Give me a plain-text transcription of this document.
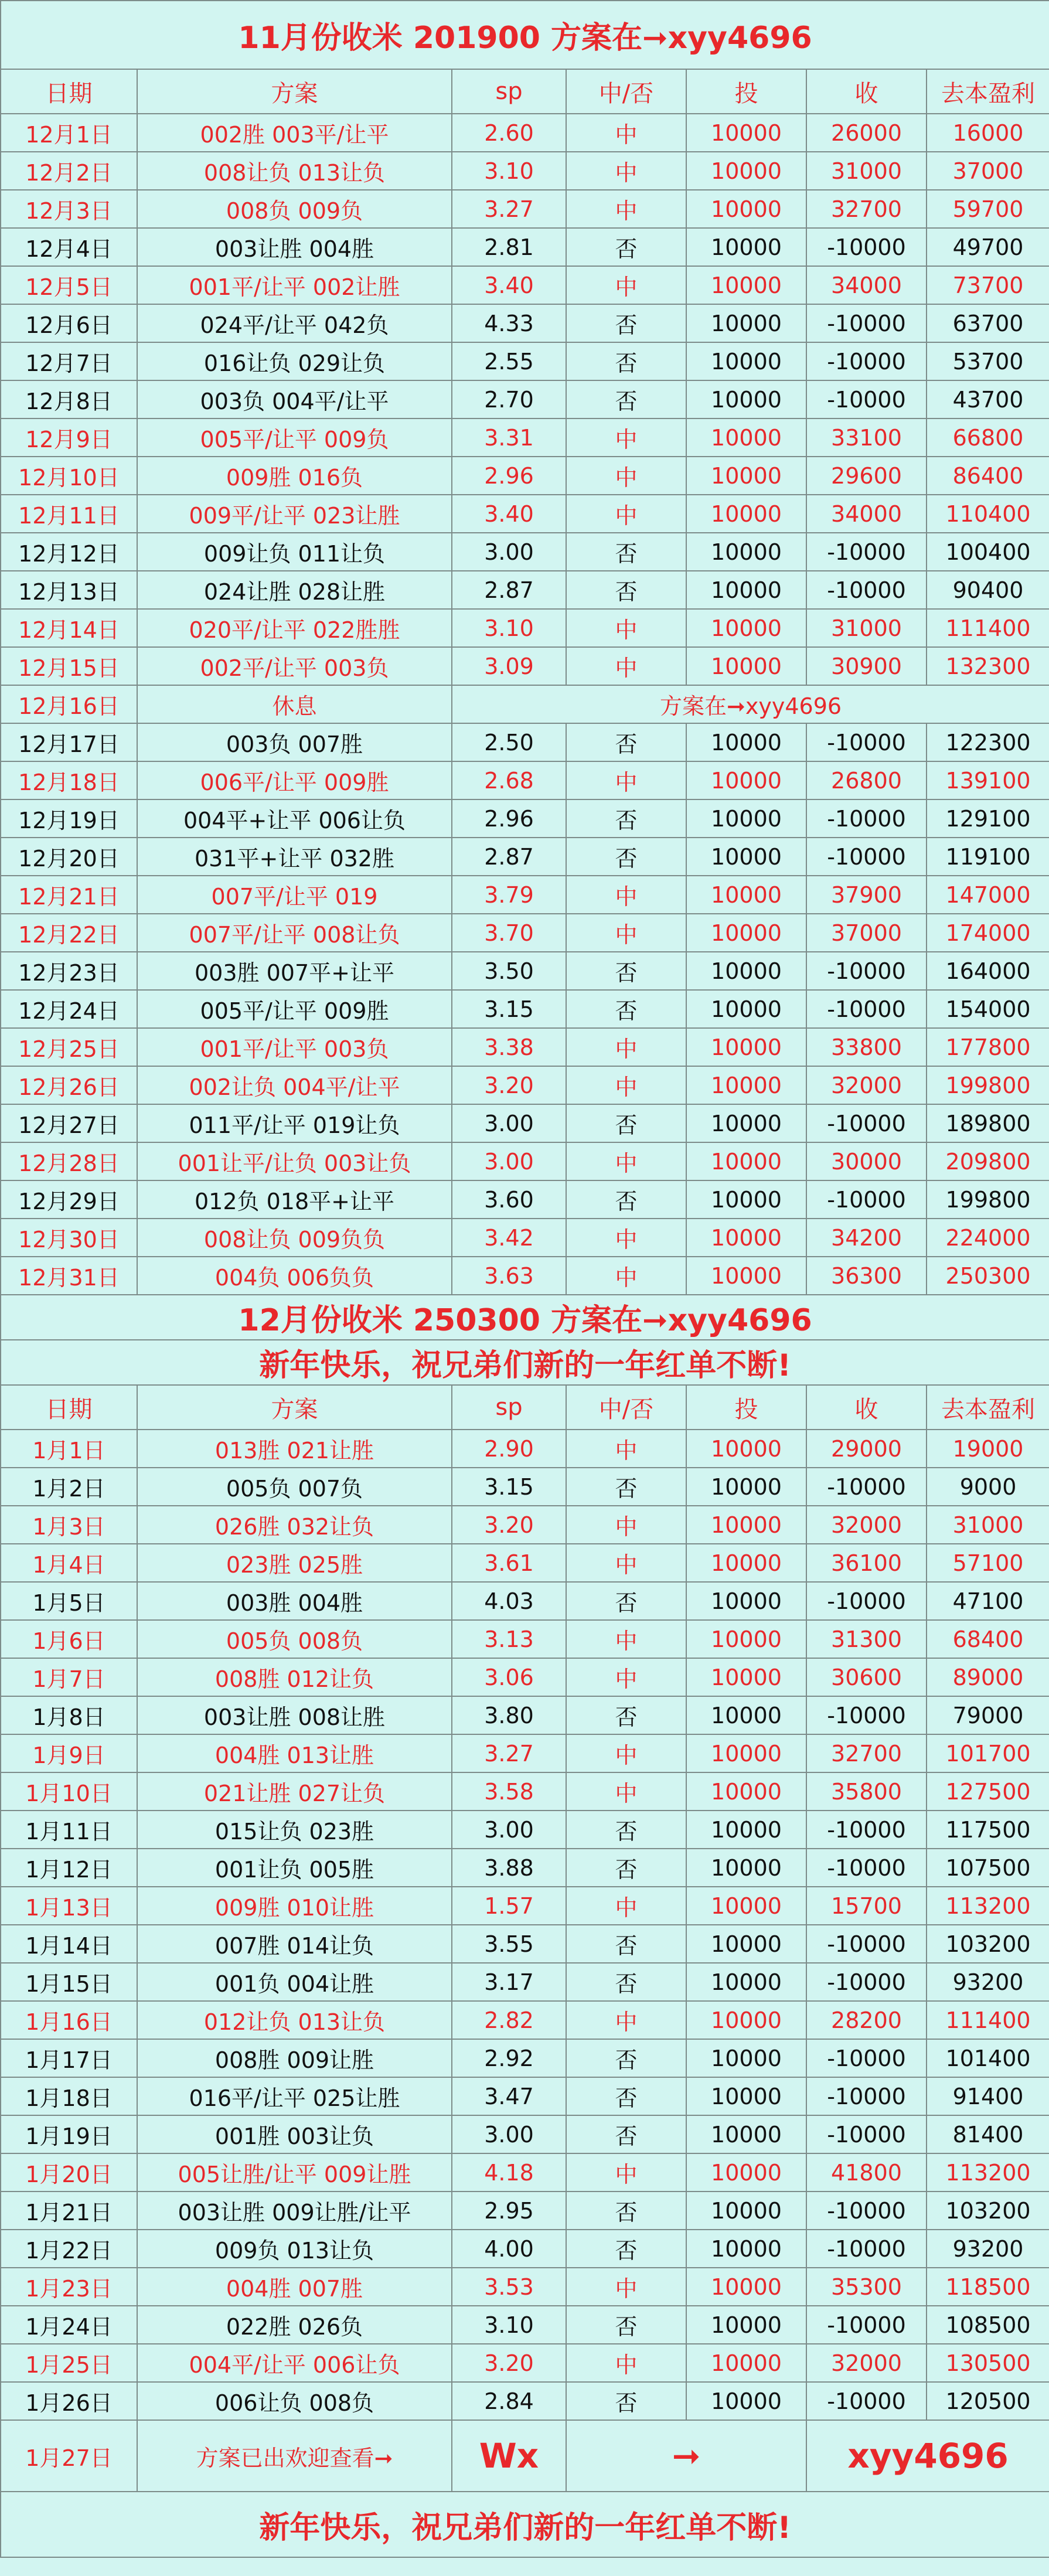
11月份收米 201900 方案在➞xyy4696						
日期	方案	sp	中/否	投	收	去本盈利
12月1日	002胜 003平/让平	2.60	中	10000	26000	16000
12月2日	008让负 013让负	3.10	中	10000	31000	37000
12月3日	008负 009负	3.27	中	10000	32700	59700
12月4日	003让胜 004胜	2.81	否	10000	-10000	49700
12月5日	001平/让平 002让胜	3.40	中	10000	34000	73700
12月6日	024平/让平 042负	4.33	否	10000	-10000	63700
12月7日	016让负 029让负	2.55	否	10000	-10000	53700
12月8日	003负 004平/让平	2.70	否	10000	-10000	43700
12月9日	005平/让平 009负	3.31	中	10000	33100	66800
12月10日	009胜 016负	2.96	中	10000	29600	86400
12月11日	009平/让平 023让胜	3.40	中	10000	34000	110400
12月12日	009让负 011让负	3.00	否	10000	-10000	100400
12月13日	024让胜 028让胜	2.87	否	10000	-10000	90400
12月14日	020平/让平 022胜胜	3.10	中	10000	31000	111400
12月15日	002平/让平 003负	3.09	中	10000	30900	132300
12月16日	休息	方案在➞xyy4696				
12月17日	003负 007胜	2.50	否	10000	-10000	122300
12月18日	006平/让平 009胜	2.68	中	10000	26800	139100
12月19日	004平+让平 006让负	2.96	否	10000	-10000	129100
12月20日	031平+让平 032胜	2.87	否	10000	-10000	119100
12月21日	007平/让平 019	3.79	中	10000	37900	147000
12月22日	007平/让平 008让负	3.70	中	10000	37000	174000
12月23日	003胜 007平+让平	3.50	否	10000	-10000	164000
12月24日	005平/让平 009胜	3.15	否	10000	-10000	154000
12月25日	001平/让平 003负	3.38	中	10000	33800	177800
12月26日	002让负 004平/让平	3.20	中	10000	32000	199800
12月27日	011平/让平 019让负	3.00	否	10000	-10000	189800
12月28日	001让平/让负 003让负	3.00	中	10000	30000	209800
12月29日	012负 018平+让平	3.60	否	10000	-10000	199800
12月30日	008让负 009负负	3.42	中	10000	34200	224000
12月31日	004负 006负负	3.63	中	10000	36300	250300
12月份收米 250300 方案在➞xyy4696						
新年快乐，祝兄弟们新的一年红单不断!						
日期	方案	sp	中/否	投	收	去本盈利
1月1日	013胜 021让胜	2.90	中	10000	29000	19000
1月2日	005负 007负	3.15	否	10000	-10000	9000
1月3日	026胜 032让负	3.20	中	10000	32000	31000
1月4日	023胜 025胜	3.61	中	10000	36100	57100
1月5日	003胜 004胜	4.03	否	10000	-10000	47100
1月6日	005负 008负	3.13	中	10000	31300	68400
1月7日	008胜 012让负	3.06	中	10000	30600	89000
1月8日	003让胜 008让胜	3.80	否	10000	-10000	79000
1月9日	004胜 013让胜	3.27	中	10000	32700	101700
1月10日	021让胜 027让负	3.58	中	10000	35800	127500
1月11日	015让负 023胜	3.00	否	10000	-10000	117500
1月12日	001让负 005胜	3.88	否	10000	-10000	107500
1月13日	009胜 010让胜	1.57	中	10000	15700	113200
1月14日	007胜 014让负	3.55	否	10000	-10000	103200
1月15日	001负 004让胜	3.17	否	10000	-10000	93200
1月16日	012让负 013让负	2.82	中	10000	28200	111400
1月17日	008胜 009让胜	2.92	否	10000	-10000	101400
1月18日	016平/让平 025让胜	3.47	否	10000	-10000	91400
1月19日	001胜 003让负	3.00	否	10000	-10000	81400
1月20日	005让胜/让平 009让胜	4.18	中	10000	41800	113200
1月21日	003让胜 009让胜/让平	2.95	否	10000	-10000	103200
1月22日	009负 013让负	4.00	否	10000	-10000	93200
1月23日	004胜 007胜	3.53	中	10000	35300	118500
1月24日	022胜 026负	3.10	否	10000	-10000	108500
1月25日	004平/让平 006让负	3.20	中	10000	32000	130500
1月26日	006让负 008负	2.84	否	10000	-10000	120500
1月27日	方案已出欢迎查看➞	Wx	➞		xyy4696	
新年快乐，祝兄弟们新的一年红单不断!						
